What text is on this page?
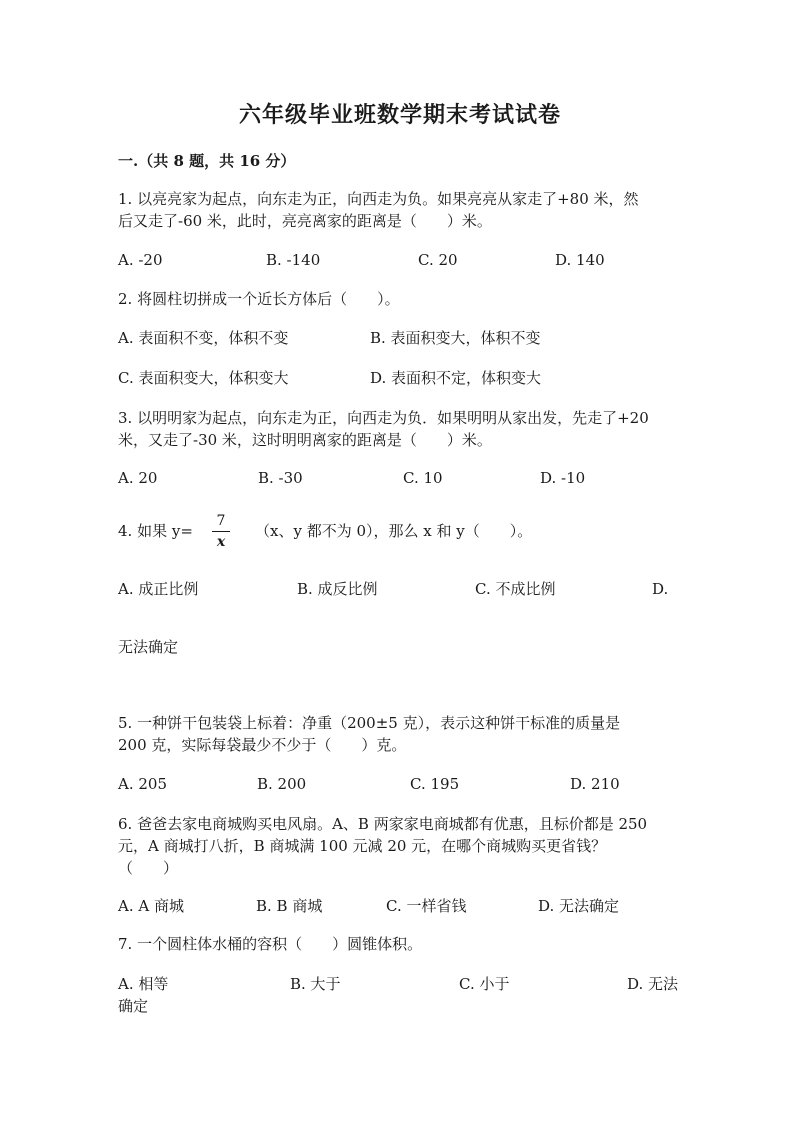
六年级毕业班数学期末考试试卷
一.（共 8 题，共 16 分）
1. 以亮亮家为起点，向东走为正，向西走为负。如果亮亮从家走了+80 米，然
后又走了-60 米，此时，亮亮离家的距离是（　　）米。
A. -20	B. -140	C. 20	D. 140
2. 将圆柱切拼成一个近长方体后（　　）。
A. 表面积不变，体积不变	B. 表面积变大，体积不变
C. 表面积变大，体积变大	D. 表面积不定，体积变大
3. 以明明家为起点，向东走为正，向西走为负．如果明明从家出发，先走了+20
米，又走了-30 米，这时明明离家的距离是（　　）米。
A. 20	B. -30	C. 10	D. -10
4. 如果 y=
7
x
（x、y 都不为 0），那么 x 和 y（　　）。
A. 成正比例	B. 成反比例	C. 不成比例	D.
无法确定
5. 一种饼干包装袋上标着：净重（200±5 克），表示这种饼干标准的质量是
200 克，实际每袋最少不少于（　　）克。
A. 205	B. 200	C. 195	D. 210
6. 爸爸去家电商城购买电风扇。A、B 两家家电商城都有优惠，且标价都是 250
元，A 商城打八折，B 商城满 100 元减 20 元，在哪个商城购买更省钱？
（　　）
A. A 商城	B. B 商城	C. 一样省钱	D. 无法确定
7. 一个圆柱体水桶的容积（　　）圆锥体积。
A. 相等	B. 大于	C. 小于	D. 无法
确定
